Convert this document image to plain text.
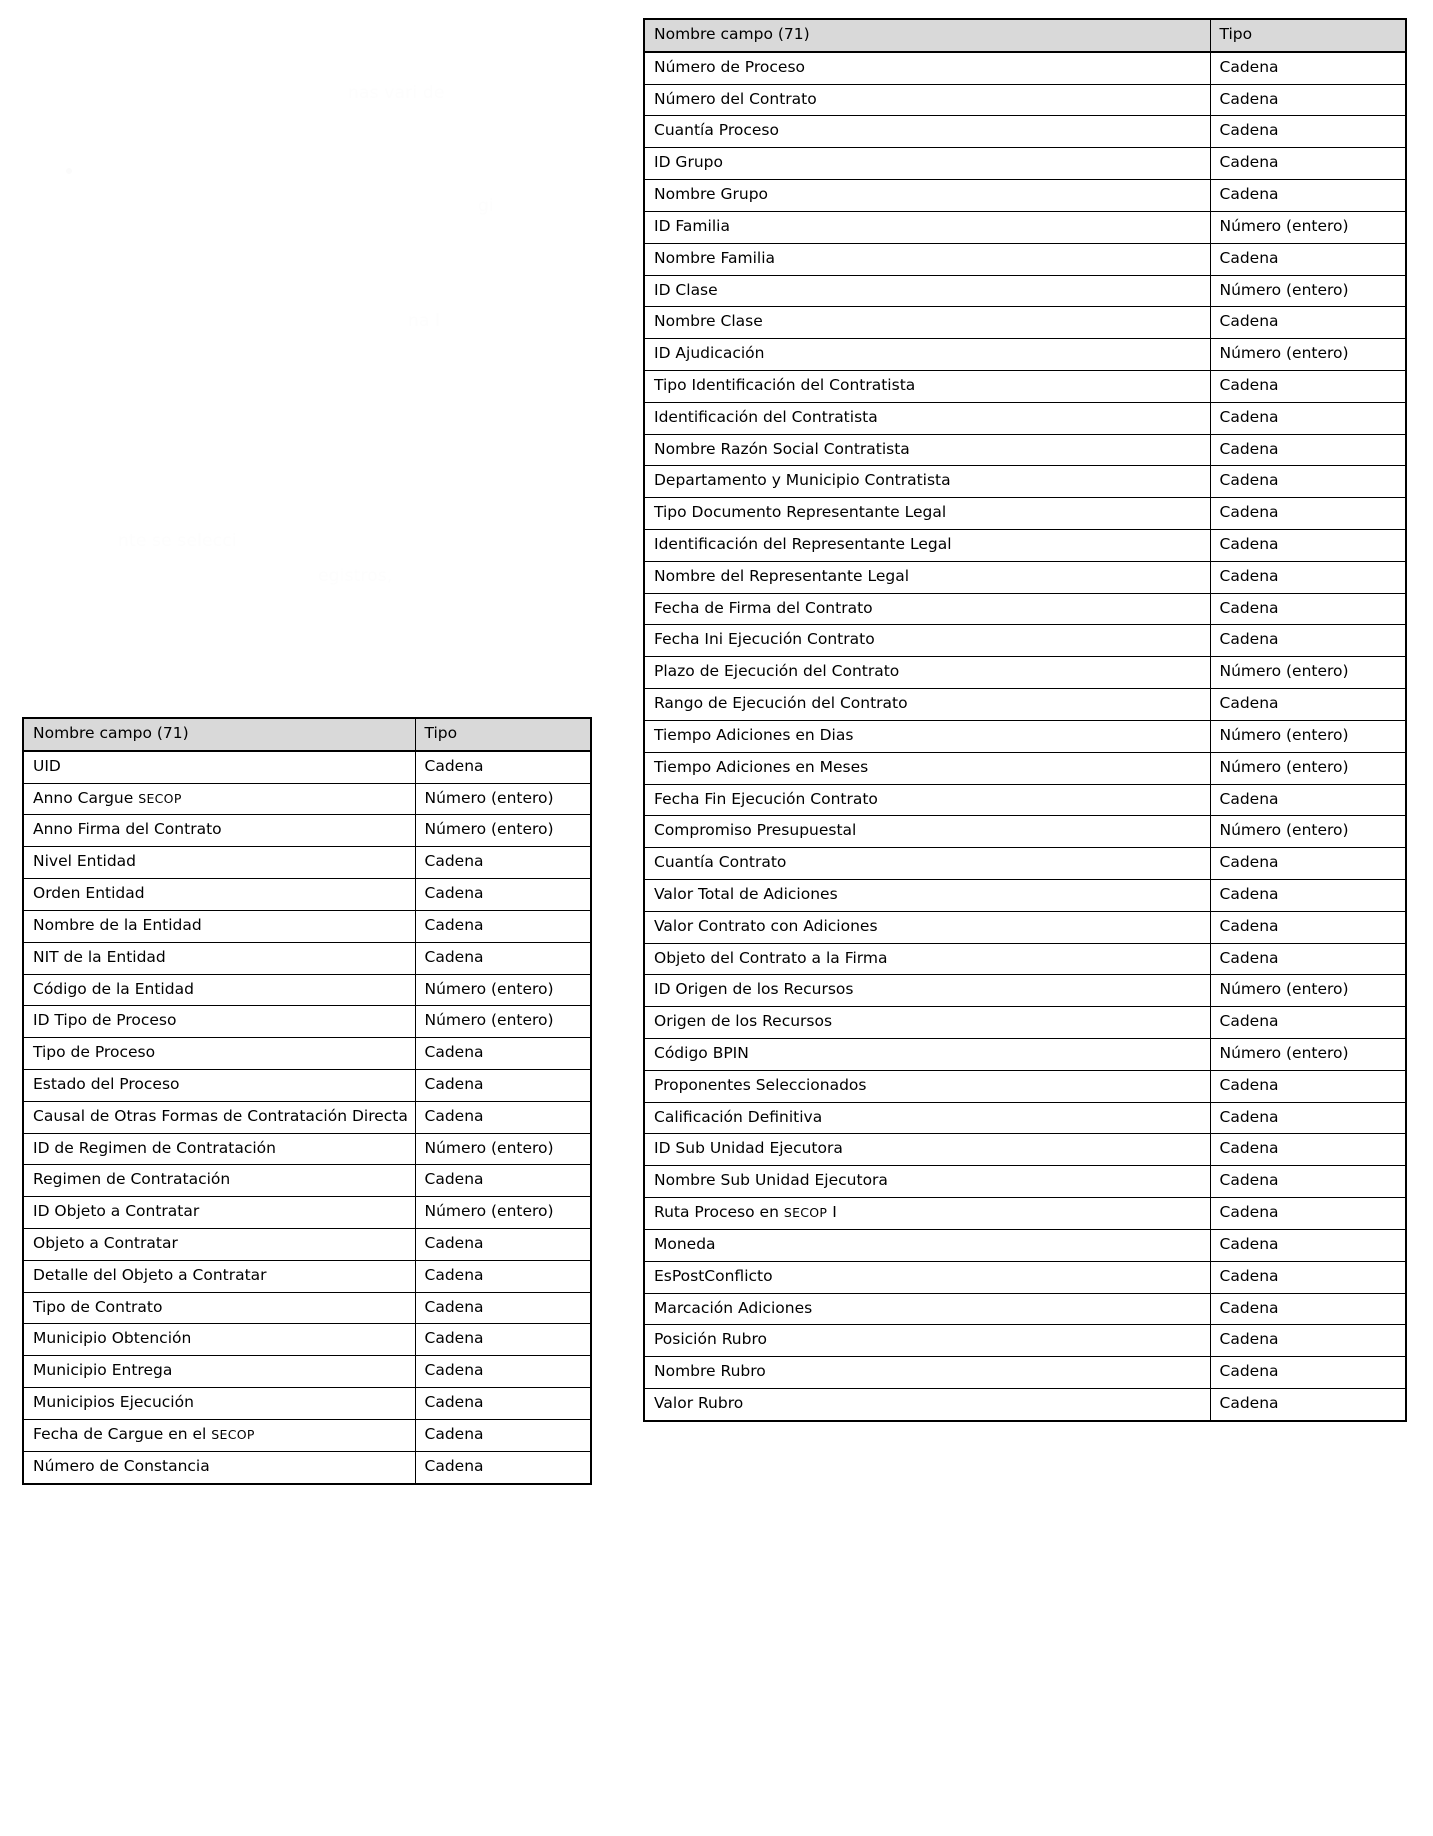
nas vari de
gi
na l
nte se selecci
egistros,
Nombre campo (71)	Tipo
UID	Cadena
Anno Cargue SECOP	Número (entero)
Anno Firma del Contrato	Número (entero)
Nivel Entidad	Cadena
Orden Entidad	Cadena
Nombre de la Entidad	Cadena
NIT de la Entidad	Cadena
Código de la Entidad	Número (entero)
ID Tipo de Proceso	Número (entero)
Tipo de Proceso	Cadena
Estado del Proceso	Cadena
Causal de Otras Formas de Contratación Directa	Cadena
ID de Regimen de Contratación	Número (entero)
Regimen de Contratación	Cadena
ID Objeto a Contratar	Número (entero)
Objeto a Contratar	Cadena
Detalle del Objeto a Contratar	Cadena
Tipo de Contrato	Cadena
Municipio Obtención	Cadena
Municipio Entrega	Cadena
Municipios Ejecución	Cadena
Fecha de Cargue en el SECOP	Cadena
Número de Constancia	Cadena
Nombre campo (71)	Tipo
Número de Proceso	Cadena
Número del Contrato	Cadena
Cuantía Proceso	Cadena
ID Grupo	Cadena
Nombre Grupo	Cadena
ID Familia	Número (entero)
Nombre Familia	Cadena
ID Clase	Número (entero)
Nombre Clase	Cadena
ID Ajudicación	Número (entero)
Tipo Identificación del Contratista	Cadena
Identificación del Contratista	Cadena
Nombre Razón Social Contratista	Cadena
Departamento y Municipio Contratista	Cadena
Tipo Documento Representante Legal	Cadena
Identificación del Representante Legal	Cadena
Nombre del Representante Legal	Cadena
Fecha de Firma del Contrato	Cadena
Fecha Ini Ejecución Contrato	Cadena
Plazo de Ejecución del Contrato	Número (entero)
Rango de Ejecución del Contrato	Cadena
Tiempo Adiciones en Dias	Número (entero)
Tiempo Adiciones en Meses	Número (entero)
Fecha Fin Ejecución Contrato	Cadena
Compromiso Presupuestal	Número (entero)
Cuantía Contrato	Cadena
Valor Total de Adiciones	Cadena
Valor Contrato con Adiciones	Cadena
Objeto del Contrato a la Firma	Cadena
ID Origen de los Recursos	Número (entero)
Origen de los Recursos	Cadena
Código BPIN	Número (entero)
Proponentes Seleccionados	Cadena
Calificación Definitiva	Cadena
ID Sub Unidad Ejecutora	Cadena
Nombre Sub Unidad Ejecutora	Cadena
Ruta Proceso en SECOP I	Cadena
Moneda	Cadena
EsPostConflicto	Cadena
Marcación Adiciones	Cadena
Posición Rubro	Cadena
Nombre Rubro	Cadena
Valor Rubro	Cadena
